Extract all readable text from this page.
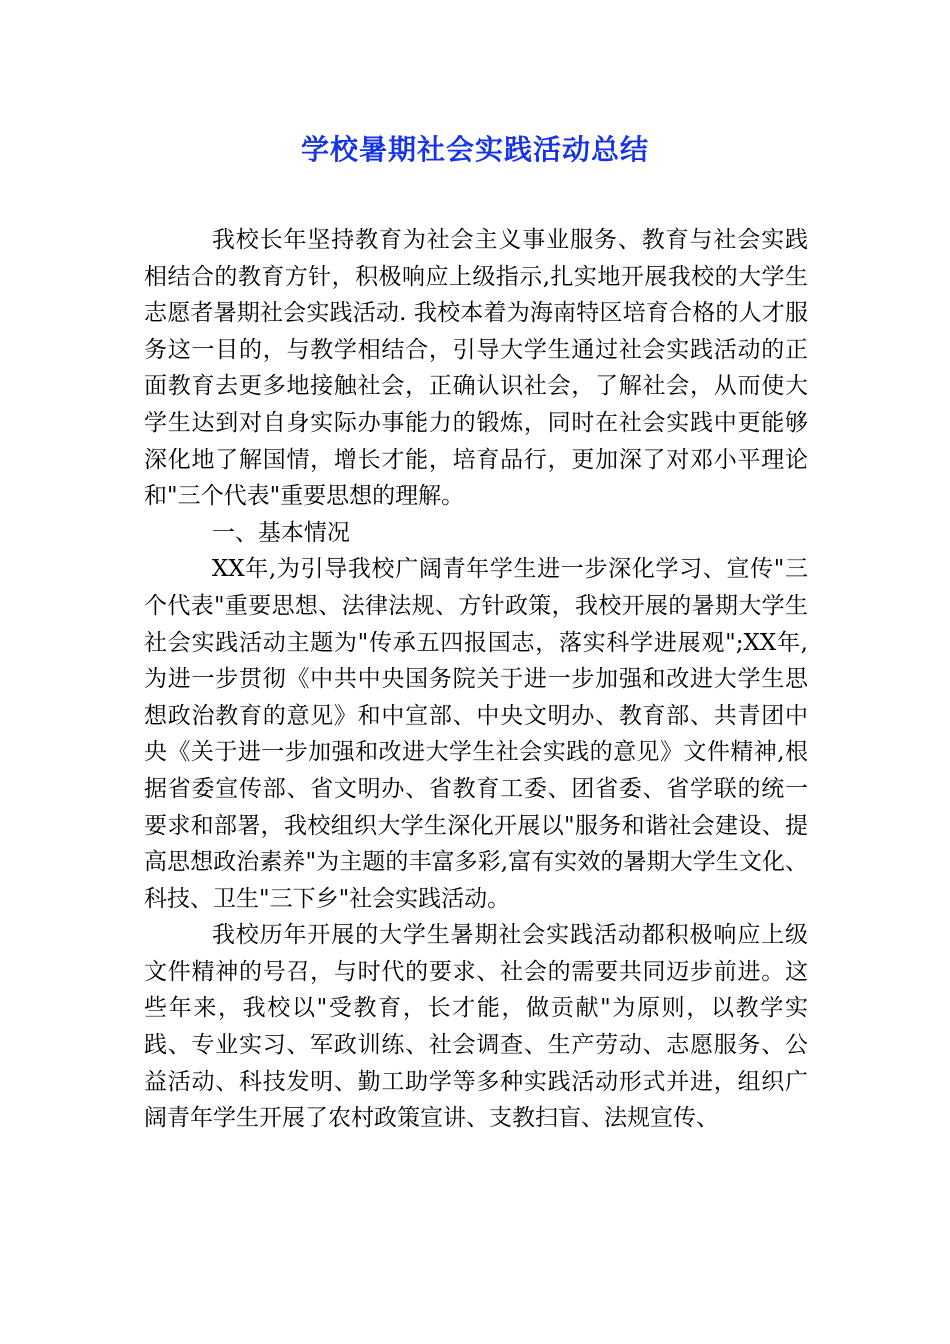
学校暑期社会实践活动总结

我校长年坚持教育为社会主义事业服务、教育与社会实践相结合的教育方针，积极响应上级指示,扎实地开展我校的大学生志愿者暑期社会实践活动. 我校本着为海南特区培育合格的人才服务这一目的，与教学相结合，引导大学生通过社会实践活动的正面教育去更多地接触社会，正确认识社会，了解社会，从而使大学生达到对自身实际办事能力的锻炼，同时在社会实践中更能够深化地了解国情，增长才能，培育品行，更加深了对邓小平理论和"三个代表"重要思想的理解。

一、基本情况

XX年,为引导我校广阔青年学生进一步深化学习、宣传"三个代表"重要思想、法律法规、方针政策，我校开展的暑期大学生社会实践活动主题为"传承五四报国志，落实科学进展观";XX年,为进一步贯彻《中共中央国务院关于进一步加强和改进大学生思想政治教育的意见》和中宣部、中央文明办、教育部、共青团中央《关于进一步加强和改进大学生社会实践的意见》文件精神,根据省委宣传部、省文明办、省教育工委、团省委、省学联的统一要求和部署，我校组织大学生深化开展以"服务和谐社会建设、提高思想政治素养"为主题的丰富多彩,富有实效的暑期大学生文化、科技、卫生"三下乡"社会实践活动。

我校历年开展的大学生暑期社会实践活动都积极响应上级文件精神的号召，与时代的要求、社会的需要共同迈步前进。这些年来，我校以"受教育，长才能，做贡献"为原则，以教学实践、专业实习、军政训练、社会调查、生产劳动、志愿服务、公益活动、科技发明、勤工助学等多种实践活动形式并进，组织广阔青年学生开展了农村政策宣讲、支教扫盲、法规宣传、
